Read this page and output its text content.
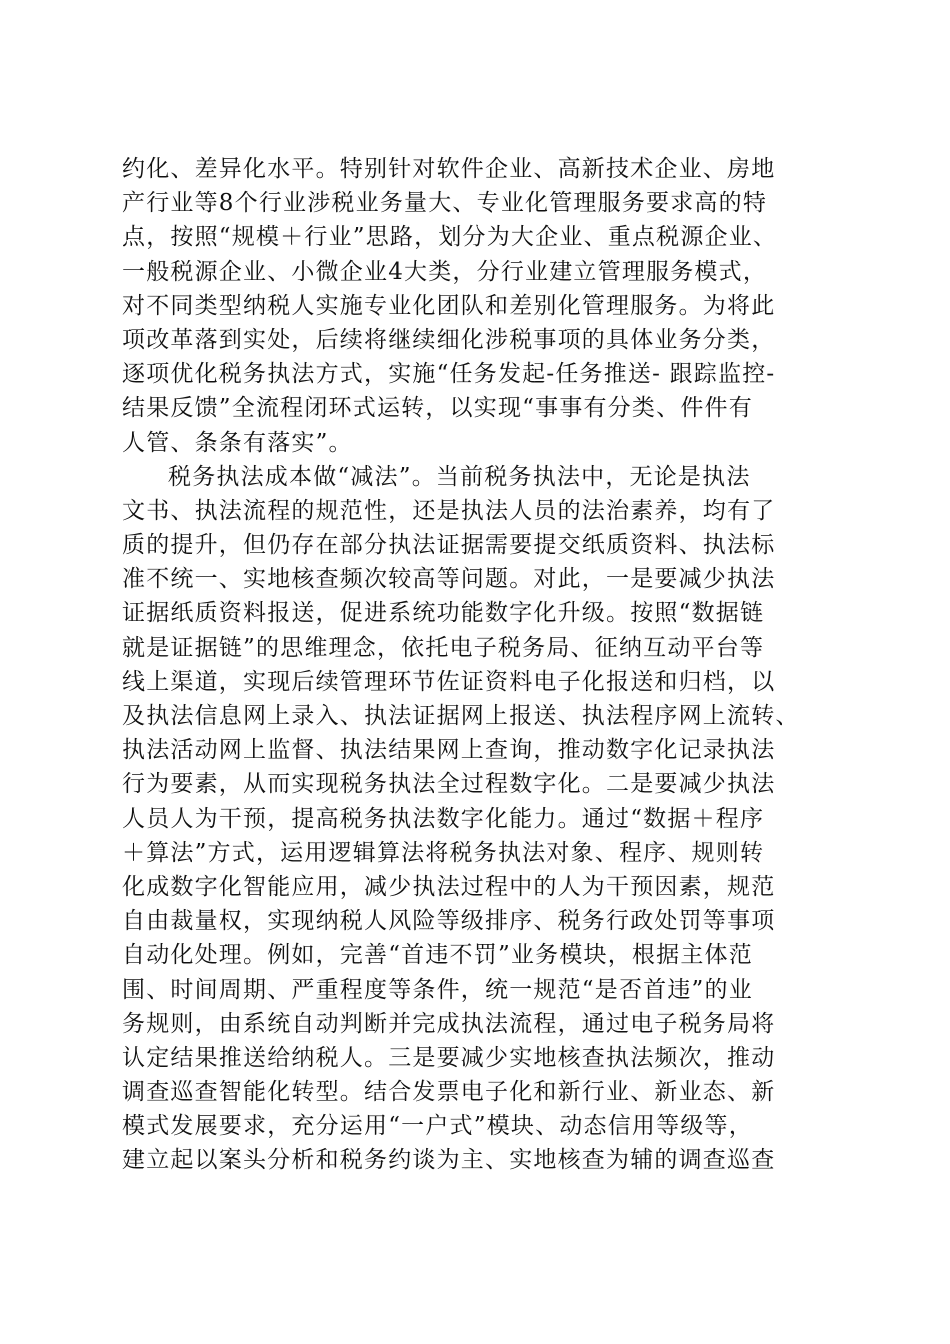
约化、差异化水平。特别针对软件企业、高新技术企业、房地
产行业等8个行业涉税业务量大、专业化管理服务要求高的特
点，按照“规模＋行业”思路，划分为大企业、重点税源企业、
一般税源企业、小微企业4大类，分行业建立管理服务模式，
对不同类型纳税人实施专业化团队和差别化管理服务。为将此
项改革落到实处，后续将继续细化涉税事项的具体业务分类，
逐项优化税务执法方式，实施“任务发起-任务推送- 跟踪监控-
结果反馈”全流程闭环式运转，以实现“事事有分类、件件有
人管、条条有落实”。
税务执法成本做“减法”。当前税务执法中，无论是执法
文书、执法流程的规范性，还是执法人员的法治素养，均有了
质的提升，但仍存在部分执法证据需要提交纸质资料、执法标
准不统一、实地核查频次较高等问题。对此，一是要减少执法
证据纸质资料报送，促进系统功能数字化升级。按照“数据链
就是证据链”的思维理念，依托电子税务局、征纳互动平台等
线上渠道，实现后续管理环节佐证资料电子化报送和归档，以
及执法信息网上录入、执法证据网上报送、执法程序网上流转、
执法活动网上监督、执法结果网上查询，推动数字化记录执法
行为要素，从而实现税务执法全过程数字化。二是要减少执法
人员人为干预，提高税务执法数字化能力。通过“数据＋程序
＋算法”方式，运用逻辑算法将税务执法对象、程序、规则转
化成数字化智能应用，减少执法过程中的人为干预因素，规范
自由裁量权，实现纳税人风险等级排序、税务行政处罚等事项
自动化处理。例如，完善“首违不罚”业务模块，根据主体范
围、时间周期、严重程度等条件，统一规范“是否首违”的业
务规则，由系统自动判断并完成执法流程，通过电子税务局将
认定结果推送给纳税人。三是要减少实地核查执法频次，推动
调查巡查智能化转型。结合发票电子化和新行业、新业态、新
模式发展要求，充分运用“一户式”模块、动态信用等级等，
建立起以案头分析和税务约谈为主、实地核查为辅的调查巡查
